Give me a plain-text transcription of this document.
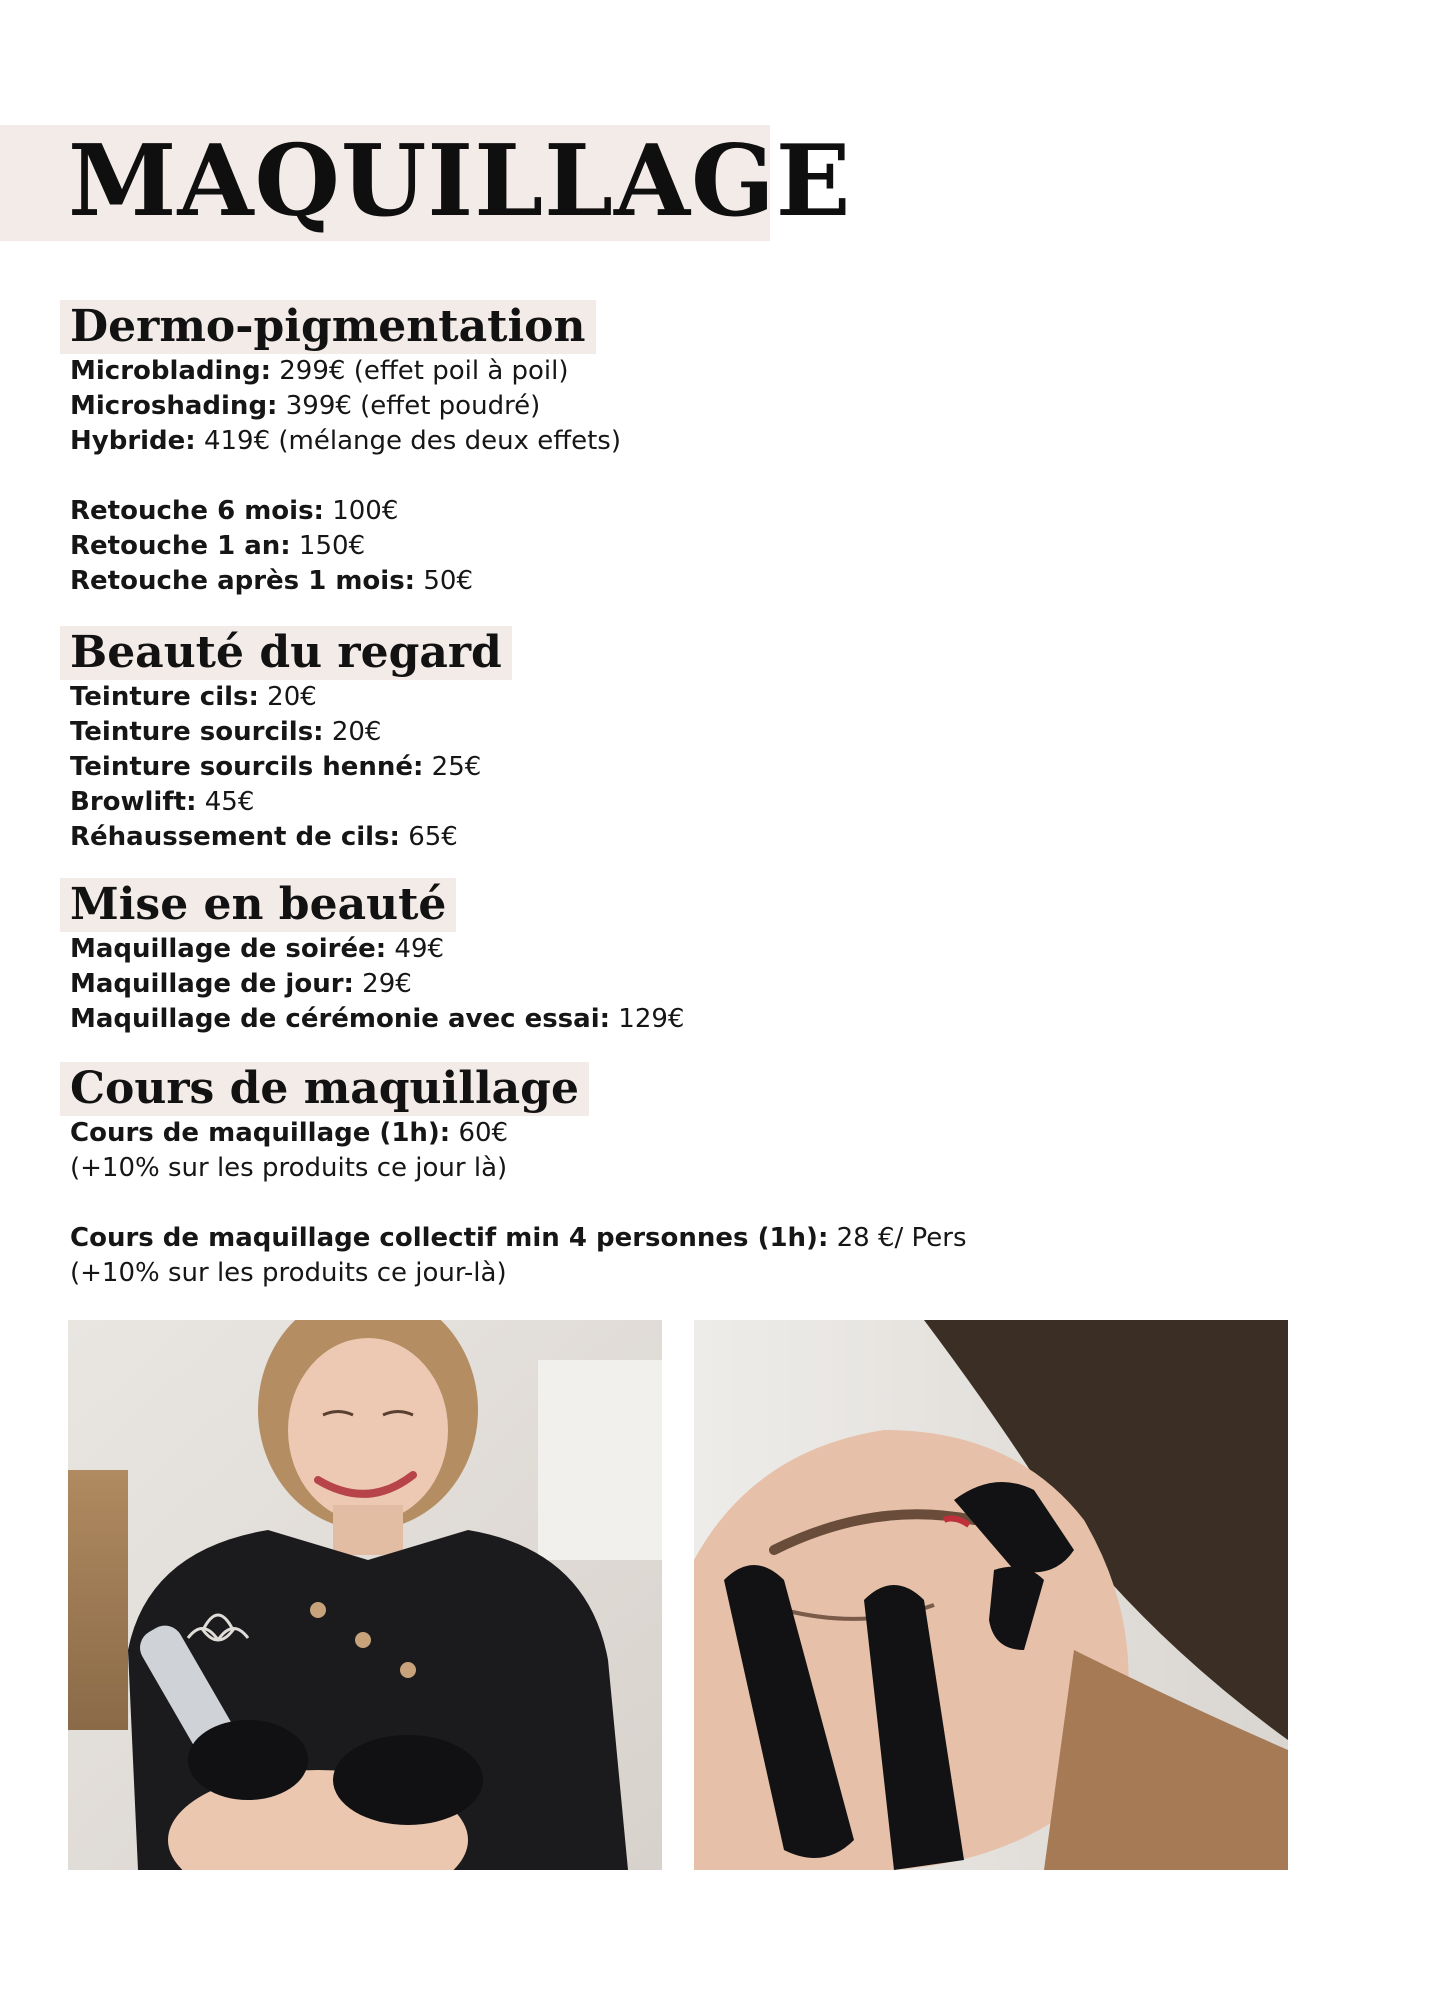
MAQUILLAGE
Dermo-pigmentation
Microblading: 299€ (effet poil à poil)
Microshading: 399€ (effet poudré)
Hybride: 419€ (mélange des deux effets)
Retouche 6 mois: 100€
Retouche 1 an: 150€
Retouche après 1 mois: 50€
Beauté du regard
Teinture cils: 20€
Teinture sourcils: 20€
Teinture sourcils henné: 25€
Browlift: 45€
Réhaussement de cils: 65€
Mise en beauté
Maquillage de soirée: 49€
Maquillage de jour: 29€
Maquillage de cérémonie avec essai: 129€
Cours de maquillage
Cours de maquillage (1h): 60€
(+10% sur les produits ce jour là)
Cours de maquillage collectif min 4 personnes (1h): 28 €/ Pers
(+10% sur les produits ce jour-là)
